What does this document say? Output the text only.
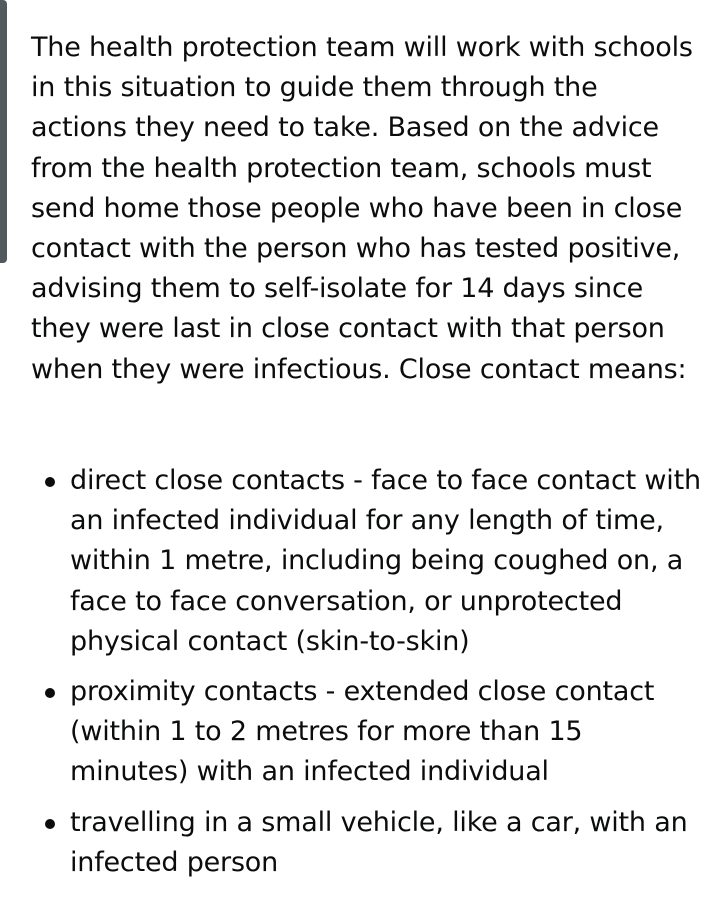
The health protection team will work with schools in this situation to guide them through the actions they need to take. Based on the advice from the health protection team, schools must send home those people who have been in close contact with the person who has tested positive, advising them to self-isolate for 14 days since they were last in close contact with that person when they were infectious. Close contact means:

direct close contacts - face to face contact with an infected individual for any length of time, within 1 metre, including being coughed on, a face to face conversation, or unprotected physical contact (skin-to-skin)
proximity contacts - extended close contact (within 1 to 2 metres for more than 15 minutes) with an infected individual
travelling in a small vehicle, like a car, with an infected person
